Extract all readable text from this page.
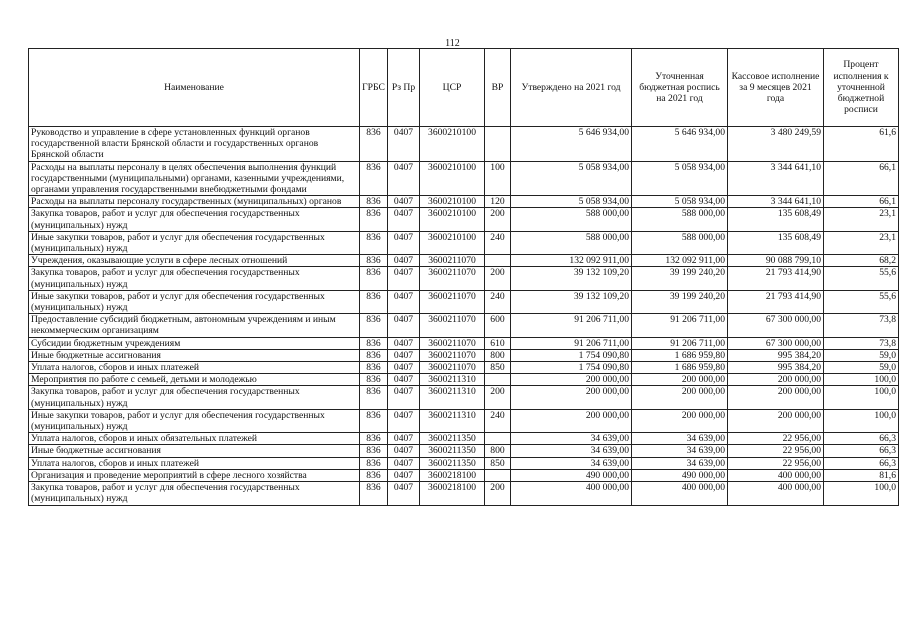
112
Наименование	ГРБС	Рз Пр	ЦСР	ВР	Утверждено на 2021 год	Уточненная бюджетная роспись на 2021 год	Кассовое исполнение за 9 месяцев 2021 года	Процент исполнения к уточненной бюджетной росписи
Руководство и управление в сфере установленных функций органов государственной власти Брянской области и государственных органов Брянской области	836	0407	3600210100		5 646 934,00	5 646 934,00	3 480 249,59	61,6
Расходы на выплаты персоналу в целях обеспечения выполнения функций государственными (муниципальными) органами, казенными учреждениями, органами управления государственными внебюджетными фондами	836	0407	3600210100	100	5 058 934,00	5 058 934,00	3 344 641,10	66,1
Расходы на выплаты персоналу государственных (муниципальных) органов	836	0407	3600210100	120	5 058 934,00	5 058 934,00	3 344 641,10	66,1
Закупка товаров, работ и услуг для обеспечения государственных (муниципальных) нужд	836	0407	3600210100	200	588 000,00	588 000,00	135 608,49	23,1
Иные закупки товаров, работ и услуг для обеспечения государственных (муниципальных) нужд	836	0407	3600210100	240	588 000,00	588 000,00	135 608,49	23,1
Учреждения, оказывающие услуги в сфере лесных отношений	836	0407	3600211070		132 092 911,00	132 092 911,00	90 088 799,10	68,2
Закупка товаров, работ и услуг для обеспечения государственных (муниципальных) нужд	836	0407	3600211070	200	39 132 109,20	39 199 240,20	21 793 414,90	55,6
Иные закупки товаров, работ и услуг для обеспечения государственных (муниципальных) нужд	836	0407	3600211070	240	39 132 109,20	39 199 240,20	21 793 414,90	55,6
Предоставление субсидий бюджетным, автономным учреждениям и иным некоммерческим организациям	836	0407	3600211070	600	91 206 711,00	91 206 711,00	67 300 000,00	73,8
Субсидии бюджетным учреждениям	836	0407	3600211070	610	91 206 711,00	91 206 711,00	67 300 000,00	73,8
Иные бюджетные ассигнования	836	0407	3600211070	800	1 754 090,80	1 686 959,80	995 384,20	59,0
Уплата налогов, сборов и иных платежей	836	0407	3600211070	850	1 754 090,80	1 686 959,80	995 384,20	59,0
Мероприятия по работе с семьей, детьми и молодежью	836	0407	3600211310		200 000,00	200 000,00	200 000,00	100,0
Закупка товаров, работ и услуг для обеспечения государственных (муниципальных) нужд	836	0407	3600211310	200	200 000,00	200 000,00	200 000,00	100,0
Иные закупки товаров, работ и услуг для обеспечения государственных (муниципальных) нужд	836	0407	3600211310	240	200 000,00	200 000,00	200 000,00	100,0
Уплата налогов, сборов и иных обязательных платежей	836	0407	3600211350		34 639,00	34 639,00	22 956,00	66,3
Иные бюджетные ассигнования	836	0407	3600211350	800	34 639,00	34 639,00	22 956,00	66,3
Уплата налогов, сборов и иных платежей	836	0407	3600211350	850	34 639,00	34 639,00	22 956,00	66,3
Организация и проведение мероприятий в сфере лесного хозяйства	836	0407	3600218100		490 000,00	490 000,00	400 000,00	81,6
Закупка товаров, работ и услуг для обеспечения государственных (муниципальных) нужд	836	0407	3600218100	200	400 000,00	400 000,00	400 000,00	100,0
